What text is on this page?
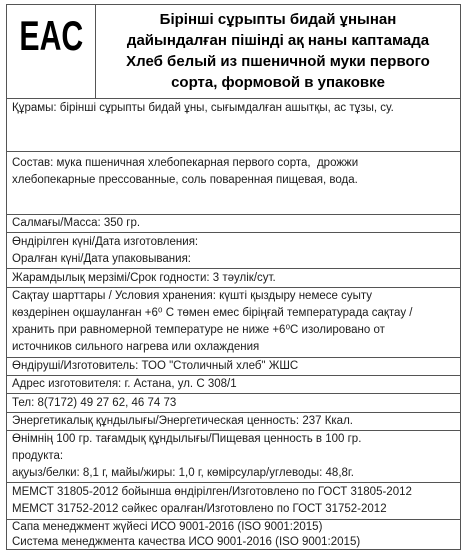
EAC	Бірінші сұрыпты бидай ұнынан
дайындалған пішінді ақ наны каптамада
Хлеб белый из пшеничной муки первого
сорта, формовой в упаковке
Құрамы: бірінші сұрыпты бидай ұны, сығымдалған ашытқы, ас тұзы, су.
Состав: мука пшеничная хлебопекарная первого сорта,  дрожжи
хлебопекарные прессованные, соль поваренная пищевая, вода.
Салмағы/Масса: 350 гр.
Өндірілген күні/Дата изготовления:
Оралған күні/Дата упаковывания:
Жарамдылық мерзімі/Срок годности: 3 тәулік/сут.
Сақтау шарттары / Условия хранения: күшті қыздыру немесе суыту
көздерінен оқшауланған +6⁰ С төмен емес біріңғай температурада сақтау /
хранить при равномерной температуре не ниже +6⁰С изолировано от
источников сильного нагрева или охлаждения
Өндіруші/Изготовитель: ТОО "Столичный хлеб" ЖШС
Адрес изготовителя: г. Астана, ул. С 308/1
Тел: 8(7172) 49 27 62, 46 74 73
Энергетикалық құндылығы/Энергетическая ценность: 237 Ккал.
Өнімнің 100 гр. тағамдық құндылығы/Пищевая ценность в 100 гр.
продукта:
ақуыз/белки: 8,1 г, майы/жиры: 1,0 г, көмірсулар/углеводы: 48,8г.
МЕМСТ 31805-2012 бойынша өндірілген/Изготовлено по ГОСТ 31805-2012
МЕМСТ 31752-2012 сәйкес оралған/Изготовлено по ГОСТ 31752-2012
Сапа менеджмент жүйесі ИСО 9001-2016 (ISO 9001:2015)
Система менеджмента качества ИСО 9001-2016 (ISO 9001:2015)
